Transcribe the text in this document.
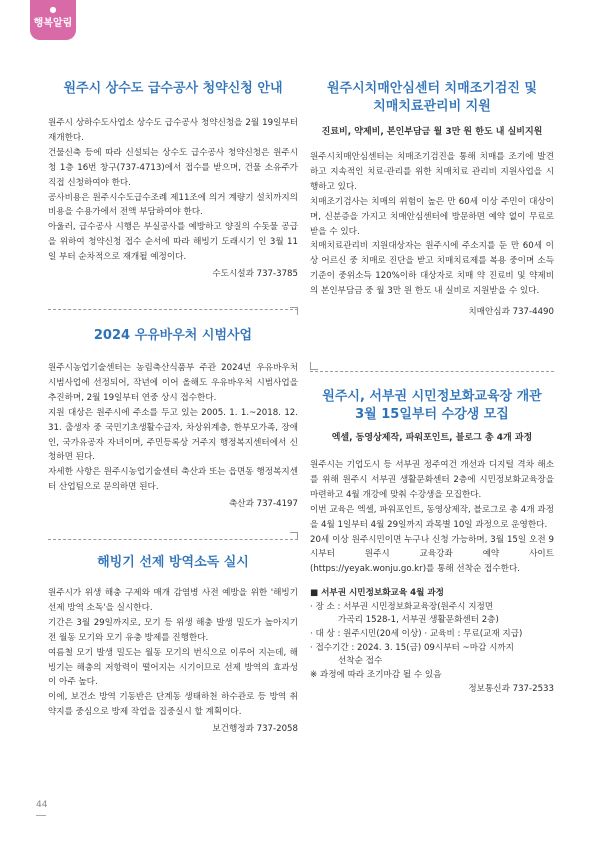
●
행복알림
원주시 상수도 급수공사 청약신청 안내

원주시 상하수도사업소 상수도 급수공사 청약신청을 2월 19일부터 재개한다.

건물신축 등에 따라 신설되는 상수도 급수공사 청약신청은 원주시청 1층 16번 창구(737-4713)에서 접수를 받으며, 건물 소유주가 직접 신청하여야 한다.

공사비용은 원주시수도급수조례 제11조에 의거 계량기 설치까지의 비용을 수용가에서 전액 부담하여야 한다.

아울러, 급수공사 시행은 부실공사를 예방하고 양질의 수돗물 공급을 위하여 청약신청 접수 순서에 따라 해빙기 도래시기 인 3월 11일 부터 순차적으로 재개될 예정이다.

수도시설과 737-3785
2024 우유바우처 시범사업

원주시농업기술센터는 농림축산식품부 주관 2024년 우유바우처 시범사업에 선정되어, 작년에 이어 올해도 우유바우처 시범사업을 추진하며, 2월 19일부터 연중 상시 접수한다.

지원 대상은 원주시에 주소를 두고 있는 2005. 1. 1.~2018. 12. 31. 출생자 중 국민기초생활수급자, 차상위계층, 한부모가족, 장애인, 국가유공자 자녀이며, 주민등록상 거주지 행정복지센터에서 신청하면 된다.

자세한 사항은 원주시농업기술센터 축산과 또는 읍면동 행정복지센터 산업팀으로 문의하면 된다.

축산과 737-4197
해빙기 선제 방역소독 실시

원주시가 위생 해충 구제와 매개 감염병 사전 예방을 위한 '해빙기 선제 방역 소독'을 실시한다.

기간은 3월 29일까지로, 모기 등 위생 해충 발생 밀도가 높아지기 전 월동 모기와 모기 유충 방제를 진행한다.

여름철 모기 발생 밀도는 월동 모기의 번식으로 이루어 지는데, 해빙기는 해충의 저항력이 떨어지는 시기이므로 선제 방역의 효과성이 아주 높다.

이에, 보건소 방역 기동반은 단계동 생태하천 하수관로 등 방역 취약지를 중심으로 방제 작업을 집중실시 할 계획이다.

보건행정과 737-2058
원주시치매안심센터 치매조기검진 및
치매치료관리비 지원
진료비, 약제비, 본인부담금 월 3만 원 한도 내 실비지원

원주시치매안심센터는 치매조기검진을 통해 치매를 조기에 발견하고 지속적인 치료·관리를 위한 치매치료 관리비 지원사업을 시행하고 있다.

치매조기검사는 치매의 위험이 높은 만 60세 이상 주민이 대상이며, 신분증을 가지고 치매안심센터에 방문하면 예약 없이 무료로 받을 수 있다.

치매치료관리비 지원대상자는 원주시에 주소지를 둔 만 60세 이상 어르신 중 치매로 진단을 받고 치매치료제를 복용 중이며 소득기준이 중위소득 120%이하 대상자로 치매 약 진료비 및 약제비의 본인부담금 중 월 3만 원 한도 내 실비로 지원받을 수 있다.

치매안심과 737-4490
원주시, 서부권 시민정보화교육장 개관
3월 15일부터 수강생 모집
엑셀, 동영상제작, 파워포인트, 블로그 총 4개 과정

원주시는 기업도시 등 서부권 정주여건 개선과 디지털 격차 해소를 위해 원주시 서부권 생활문화센터 2층에 시민정보화교육장을 마련하고 4월 개강에 맞춰 수강생을 모집한다.

이번 교육은 엑셀, 파워포인트, 동영상제작, 블로그로 총 4개 과정을 4월 1일부터 4월 29일까지 과목별 10일 과정으로 운영한다.

20세 이상 원주시민이면 누구나 신청 가능하며, 3월 15일 오전 9시부터 원주시 교육강좌 예약 사이트(https://yeyak.wonju.go.kr)를 통해 선착순 접수한다.

■ 서부권 시민정보화교육 4월 과정
· 장 소 : 서부권 시민정보화교육장(원주시 지정면
가곡리 1528-1, 서부권 생활문화센터 2층)
· 대 상 : 원주시민(20세 이상) · 교육비 : 무료(교재 지급)
· 접수기간 : 2024. 3. 15(금) 09시부터 ~마감 시까지
선착순 접수
※ 과정에 따라 조기마감 될 수 있음
정보통신과 737-2533
44
